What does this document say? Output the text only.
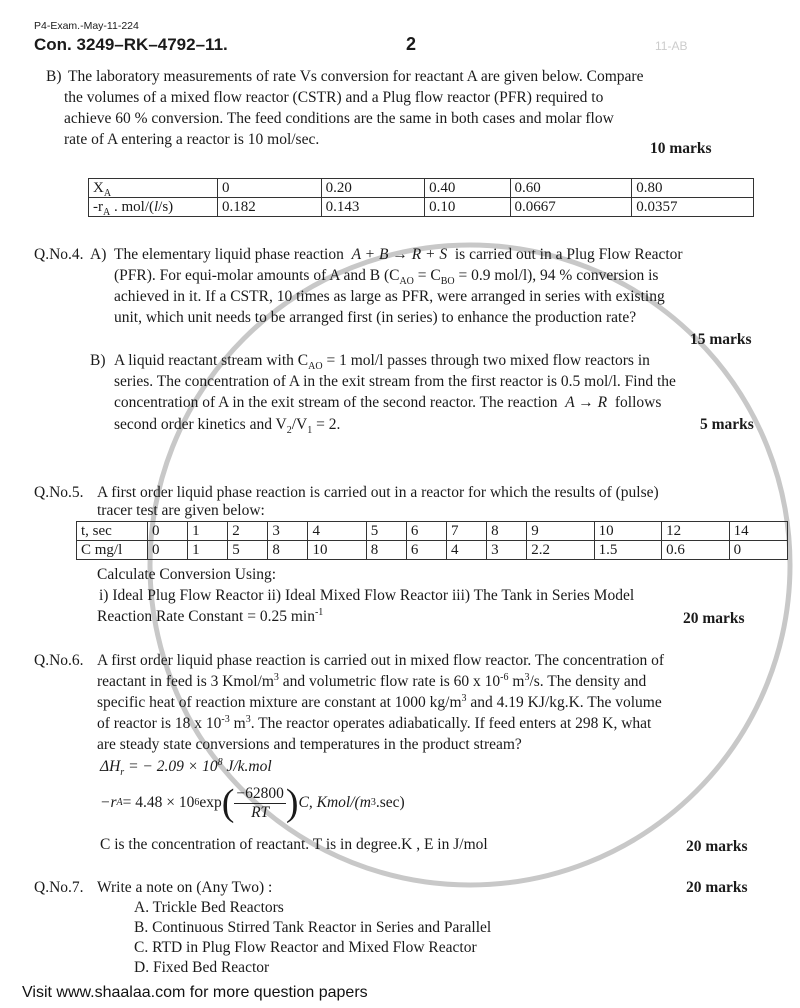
P4-Exam.-May-11-224
Con. 3249–RK–4792–11.	2	11-AB
B) The laboratory measurements of rate Vs conversion for reactant A are given below. Compare
the volumes of a mixed flow reactor (CSTR) and a Plug flow reactor (PFR) required to
achieve 60 % conversion. The feed conditions are the same in both cases and molar flow
rate of A entering a reactor is 10 mol/sec.
10 marks
$X_A$	0	0.20	0.40	0.60	0.80
$-r_A$ . mol/(l/s)	0.182	0.143	0.10	0.0667	0.0357
Q.No.4. A) The elementary liquid phase reaction A + B → R + S is carried out in a Plug Flow Reactor
(PFR). For equi-molar amounts of A and B ($C_{AO} = C_{BO} = 0.9$ mol/l), 94 % conversion is
achieved in it. If a CSTR, 10 times as large as PFR, were arranged in series with existing
unit, which unit needs to be arranged first (in series) to enhance the production rate?
15 marks
B) A liquid reactant stream with $C_{AO} = 1$ mol/l passes through two mixed flow reactors in
series. The concentration of A in the exit stream from the first reactor is 0.5 mol/l. Find the
concentration of A in the exit stream of the second reactor. The reaction A → R follows
second order kinetics and $V_2/V_1 = 2$.	5 marks
Q.No.5. A first order liquid phase reaction is carried out in a reactor for which the results of (pulse)
tracer test are given below:
t, sec	0	1	2	3	4	5	6	7	8	9	10	12	14
C mg/l	0	1	5	8	10	8	6	4	3	2.2	1.5	0.6	0
Calculate Conversion Using:
i) Ideal Plug Flow Reactor ii) Ideal Mixed Flow Reactor iii) The Tank in Series Model
Reaction Rate Constant = 0.25 $\min^{-1}$	20 marks
Q.No.6. A first order liquid phase reaction is carried out in mixed flow reactor. The concentration of
reactant in feed is 3 Kmol/$m^3$ and volumetric flow rate is 60 x $10^{-6}$ $m^3/s$. The density and
specific heat of reaction mixture are constant at 1000 $kg/m^3$ and 4.19 KJ/kg.K. The volume
of reactor is 18 x $10^{-3}$ $m^3$. The reactor operates adiabatically. If feed enters at 298 K, what
are steady state conversions and temperatures in the product stream?
$\Delta H_r$ = − $2.09 \times 10^8$ J/k.mol
−r A = 4.48 × 10 6 exp ( −62800
RT ) C, Kmol/(m 3 .sec)
C is the concentration of reactant. T is in degree.K , E in J/mol	20 marks
Q.No.7. Write a note on (Any Two) :	20 marks
A. Trickle Bed Reactors
B. Continuous Stirred Tank Reactor in Series and Parallel
C. RTD in Plug Flow Reactor and Mixed Flow Reactor
D. Fixed Bed Reactor
Visit www.shaalaa.com for more question papers
